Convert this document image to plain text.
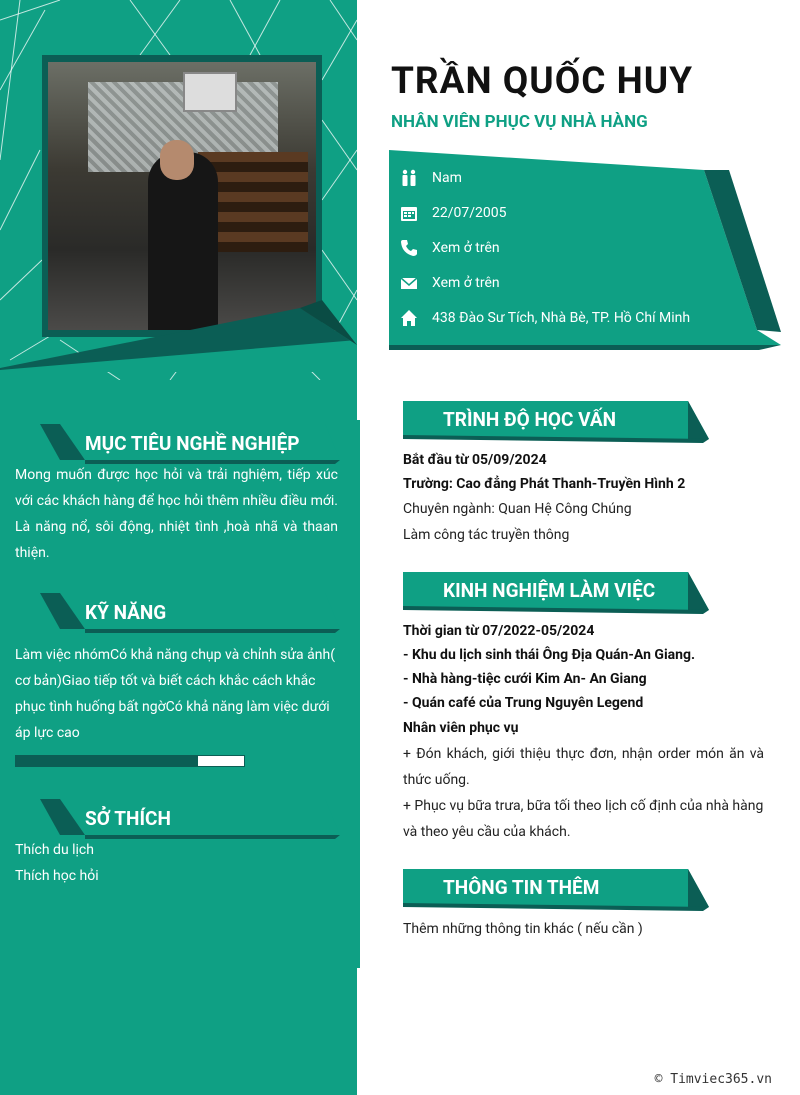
TRẦN QUỐC HUY
NHÂN VIÊN PHỤC VỤ NHÀ HÀNG
Nam
22/07/2005
Xem ở trên
Xem ở trên
438 Đào Sư Tích, Nhà Bè, TP. Hồ Chí Minh
MỤC TIÊU NGHỀ NGHIỆP

Mong muốn được học hỏi và trải nghiệm, tiếp xúc với các khách hàng để học hỏi thêm nhiều điều mới. Là năng nổ, sôi động, nhiệt tình ,hoà nhã và thaan thiện.

KỸ NĂNG

Làm việc nhómCó khả năng chụp và chỉnh sửa ảnh( cơ bản)Giao tiếp tốt và biết cách khắc cách khắc phục tình huống bất ngờCó khả năng làm việc dưới áp lực cao

SỞ THÍCH

Thích du lịch

Thích học hỏi

TRÌNH ĐỘ HỌC VẤN

Bắt đầu từ 05/09/2024

Trường: Cao đẳng Phát Thanh-Truyền Hình 2

Chuyên ngành: Quan Hệ Công Chúng

Làm công tác truyền thông

KINH NGHIỆM LÀM VIỆC

Thời gian từ 07/2022-05/2024

- Khu du lịch sinh thái Ông Địa Quán-An Giang.

- Nhà hàng-tiệc cưới Kim An- An Giang

- Quán café của Trung Nguyên Legend

Nhân viên phục vụ

+ Đón khách, giới thiệu thực đơn, nhận order món ăn và thức uống.

+ Phục vụ bữa trưa, bữa tối theo lịch cố định của nhà hàng và theo yêu cầu của khách.

THÔNG TIN THÊM

Thêm những thông tin khác ( nếu cần )

© Timviec365.vn
